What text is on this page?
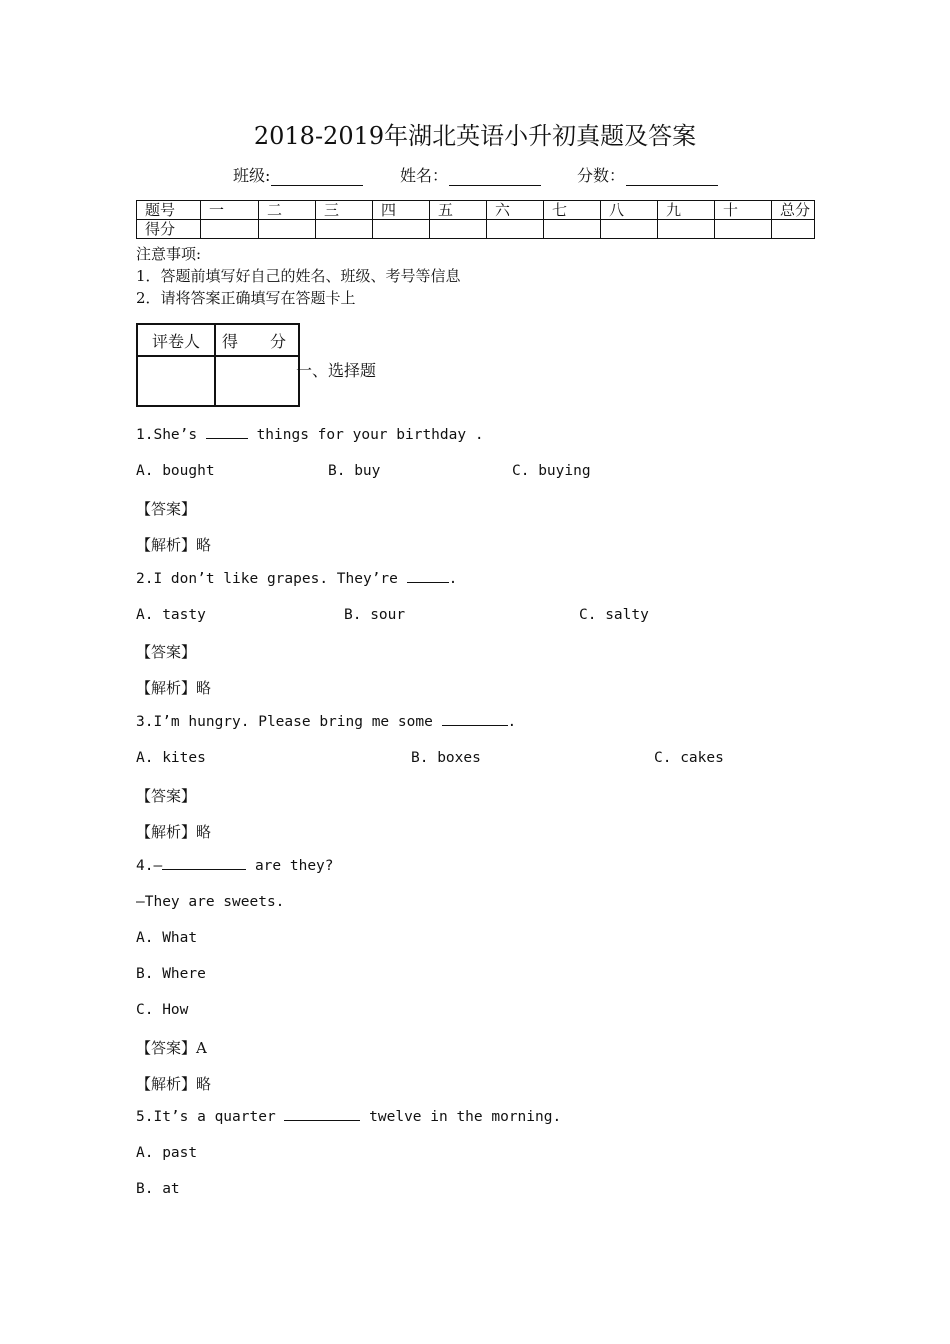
2018-2019年湖北英语小升初真题及答案
班级:	姓名：	分数：
题号	一	二	三	四	五	六	七	八	九	十	总分
得分											
注意事项:
1．答题前填写好自己的姓名、班级、考号等信息
2．请将答案正确填写在答题卡上
评卷人	得　　分

一、选择题
1.She’s	things for your birthday .
A. bought	B. buy	C. buying
【答案】
【解析】略
2.I don’t like grapes. They’re	.
A. tasty	B. sour	C. salty
【答案】
【解析】略
3.I’m hungry. Please bring me some	.
A. kites	B. boxes	C. cakes
【答案】
【解析】略
4.—	are they?
—They are sweets.
A. What
B. Where
C. How
【答案】A
【解析】略
5.It’s a quarter	twelve in the morning.
A. past
B. at
